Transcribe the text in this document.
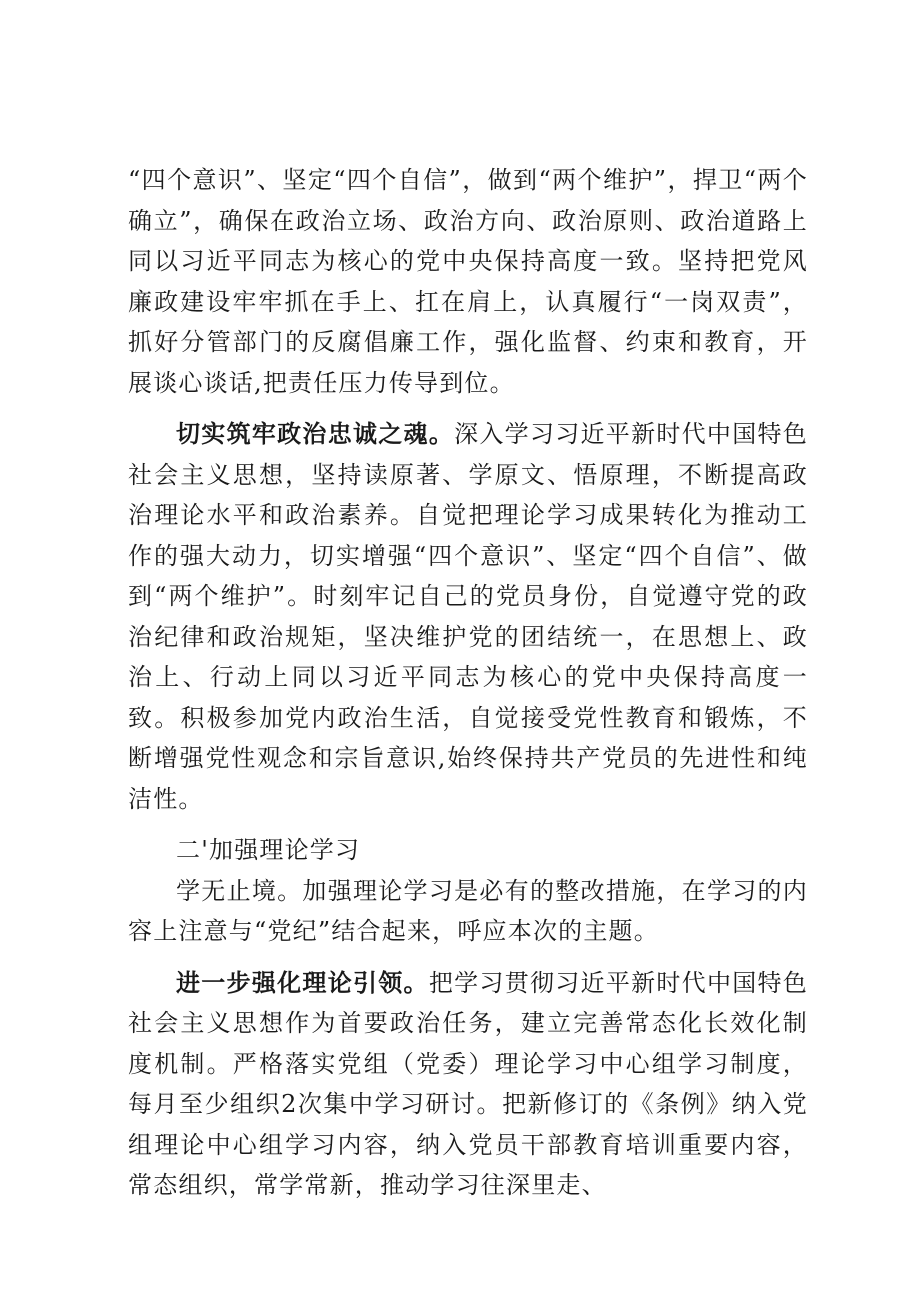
“四个意识”、坚定“四个自信”，做到“两个维护”，捍卫“两个确立”，确保在政治立场、政治方向、政治原则、政治道路上同以习近平同志为核心的党中央保持高度一致。坚持把党风廉政建设牢牢抓在手上、扛在肩上，认真履行“一岗双责”，抓好分管部门的反腐倡廉工作，强化监督、约束和教育，开展谈心谈话,把责任压力传导到位。

切实筑牢政治忠诚之魂。深入学习习近平新时代中国特色社会主义思想，坚持读原著、学原文、悟原理，不断提高政治理论水平和政治素养。自觉把理论学习成果转化为推动工作的强大动力，切实增强“四个意识”、坚定“四个自信”、做到“两个维护”。时刻牢记自己的党员身份，自觉遵守党的政治纪律和政治规矩，坚决维护党的团结统一，在思想上、政治上、行动上同以习近平同志为核心的党中央保持高度一致。积极参加党内政治生活，自觉接受党性教育和锻炼，不断增强党性观念和宗旨意识,始终保持共产党员的先进性和纯洁性。

二'加强理论学习

学无止境。加强理论学习是必有的整改措施，在学习的内容上注意与“党纪”结合起来，呼应本次的主题。

进一步强化理论引领。把学习贯彻习近平新时代中国特色社会主义思想作为首要政治任务，建立完善常态化长效化制度机制。严格落实党组（党委）理论学习中心组学习制度，每月至少组织2次集中学习研讨。把新修订的《条例》纳入党组理论中心组学习内容，纳入党员干部教育培训重要内容，常态组织，常学常新，推动学习往深里走、
